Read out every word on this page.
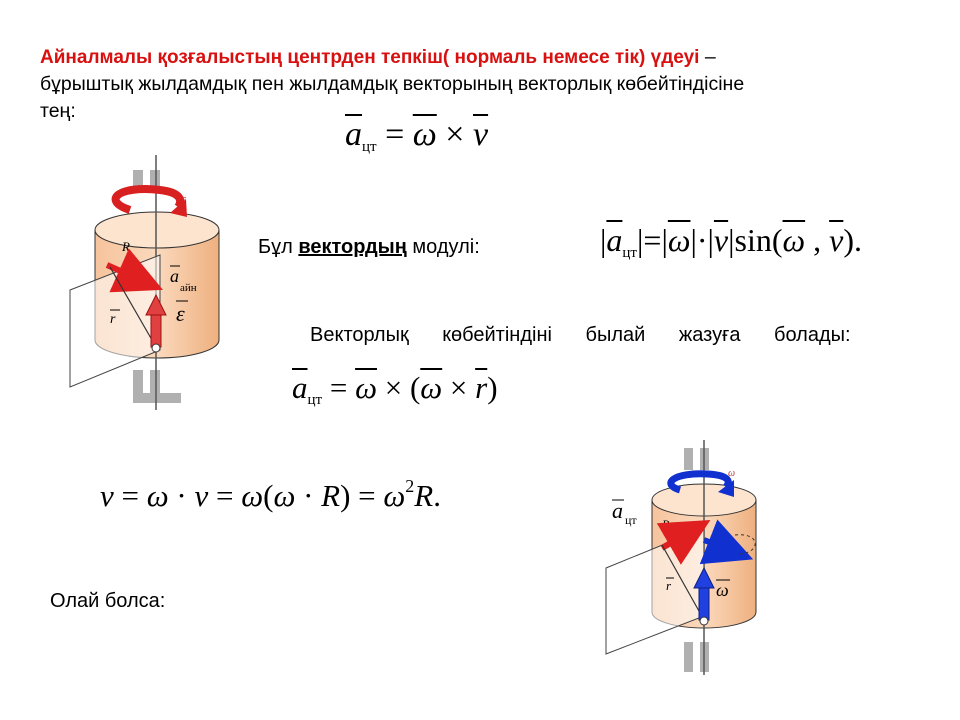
Айналмалы қозғалыстың центрден тепкіш( нормаль немесе тік) үдеуі –
бұрыштық жылдамдық пен жылдамдық векторының векторлық көбейтіндісіне тең:
$\overline{a}_{цт} = \overline{\omega} \times \overline{v}$
Бұл вектордың модулі:	$|\overline{a}_{цт}|=|\overline{\omega}|\cdot|\overline{v}|\sin(\overline{\omega}$ , $\overline{v}$).
Векторлық көбейтіндіні былай жазуға болады:
$\overline{a}_{цт} = \overline{\omega} \times (\overline{\omega} \times \overline{r})$
$v = \omega \cdot v = \omega(\omega \cdot R) = \omega^2R$.
Олай болса:
ε
R
r
a
айн
ε
ω
a цт R
r ω
